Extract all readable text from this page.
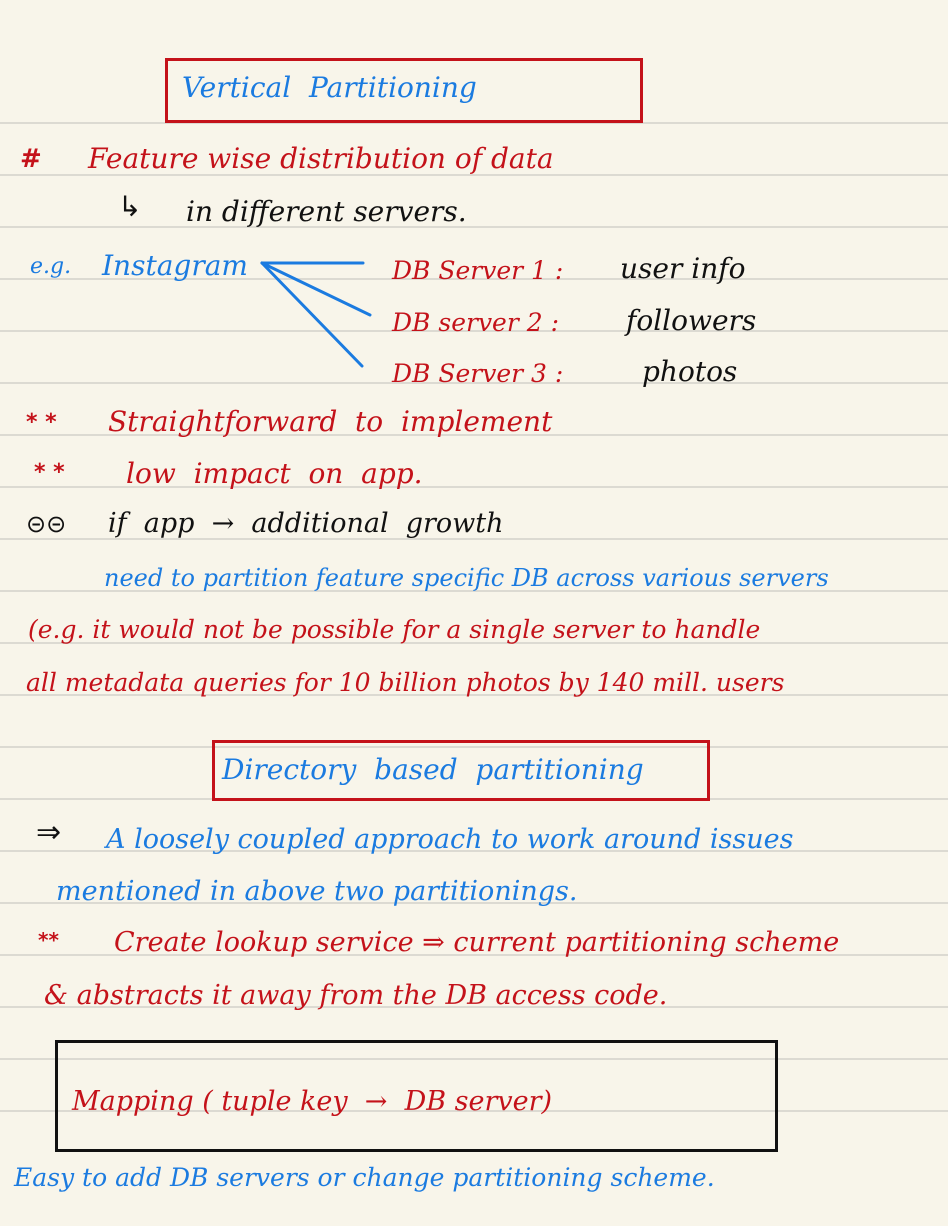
Vertical  Partitioning
# Feature wise distribution of data
↳ in different servers.
e.g. Instagram	DB Server 1 : user info
DB server 2 : followers
DB Server 3 :	photos
* * Straightforward  to  implement
* * low  impact  on  app.
⊝⊝ if  app  →  additional  growth
need to partition feature specific DB across various servers
(e.g. it would not be possible for a single server to handle
all metadata queries for 10 billion photos by 140 mill. users
Directory  based  partitioning
⇒ A loosely coupled approach to work around issues
mentioned in above two partitionings.
** Create lookup service ⇒ current partitioning scheme
& abstracts it away from the DB access code.
Mapping ( tuple key  →  DB server)
Easy to add DB servers or change partitioning scheme.
